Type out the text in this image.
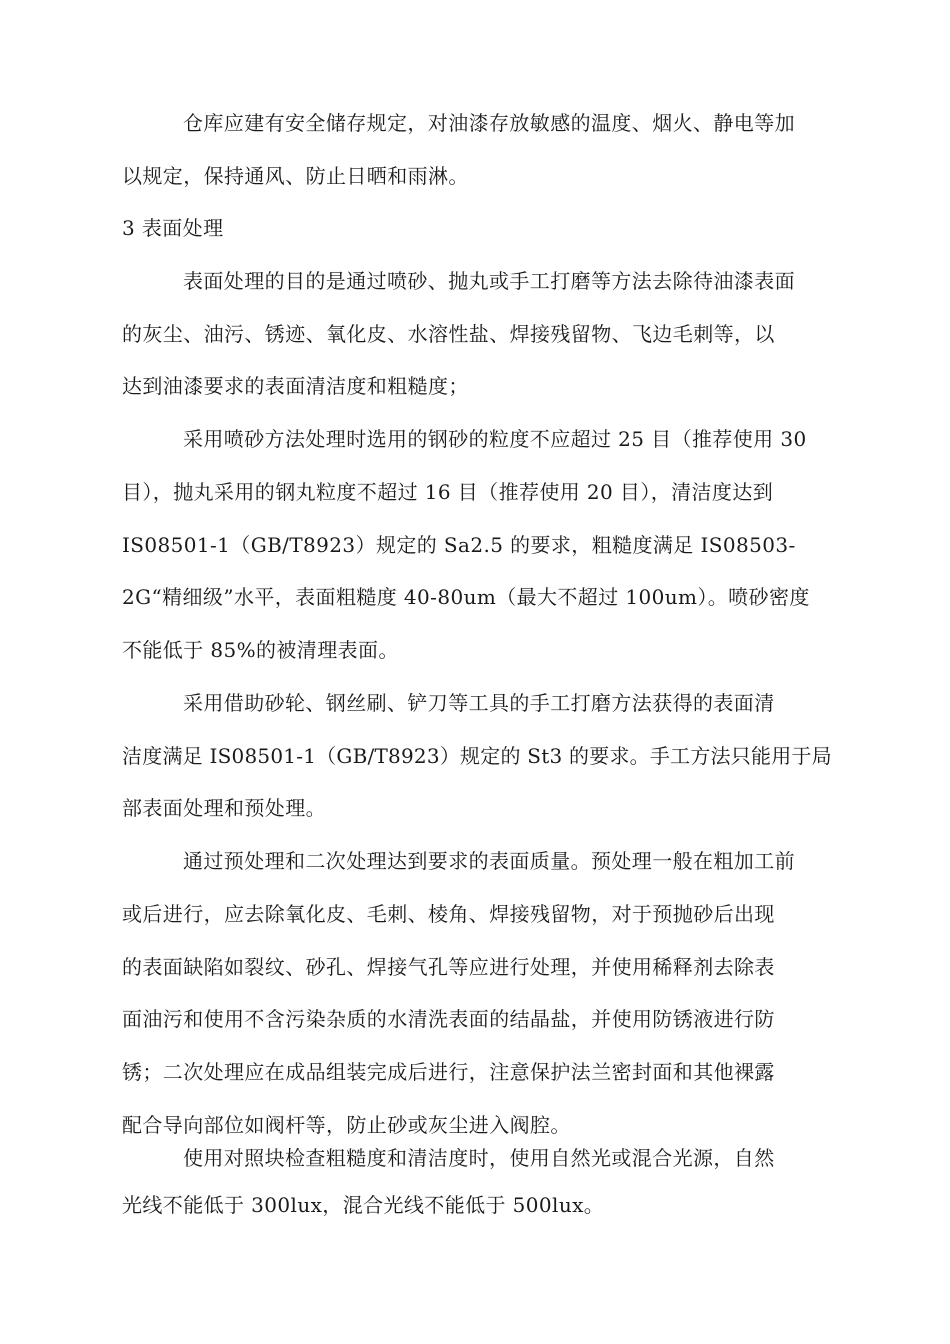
仓库应建有安全储存规定，对油漆存放敏感的温度、烟火、静电等加
以规定，保持通风、防止日晒和雨淋。
3 表面处理
表面处理的目的是通过喷砂、抛丸或手工打磨等方法去除待油漆表面
的灰尘、油污、锈迹、氧化皮、水溶性盐、焊接残留物、飞边毛刺等，以
达到油漆要求的表面清洁度和粗糙度；
采用喷砂方法处理时选用的钢砂的粒度不应超过 25 目（推荐使用 30
目），抛丸采用的钢丸粒度不超过 16 目（推荐使用 20 目），清洁度达到
IS08501-1（GB/T8923）规定的 Sa2.5 的要求，粗糙度满足 IS08503-
2G“精细级”水平，表面粗糙度 40-80um（最大不超过 100um）。喷砂密度
不能低于 85%的被清理表面。
采用借助砂轮、钢丝刷、铲刀等工具的手工打磨方法获得的表面清
洁度满足 IS08501-1（GB/T8923）规定的 St3 的要求。手工方法只能用于局
部表面处理和预处理。
通过预处理和二次处理达到要求的表面质量。预处理一般在粗加工前
或后进行，应去除氧化皮、毛刺、棱角、焊接残留物，对于预抛砂后出现
的表面缺陷如裂纹、砂孔、焊接气孔等应进行处理，并使用稀释剂去除表
面油污和使用不含污染杂质的水清洗表面的结晶盐，并使用防锈液进行防
锈；二次处理应在成品组装完成后进行，注意保护法兰密封面和其他裸露
配合导向部位如阀杆等，防止砂或灰尘进入阀腔。
使用对照块检查粗糙度和清洁度时，使用自然光或混合光源，自然
光线不能低于 300lux，混合光线不能低于 500lux。
